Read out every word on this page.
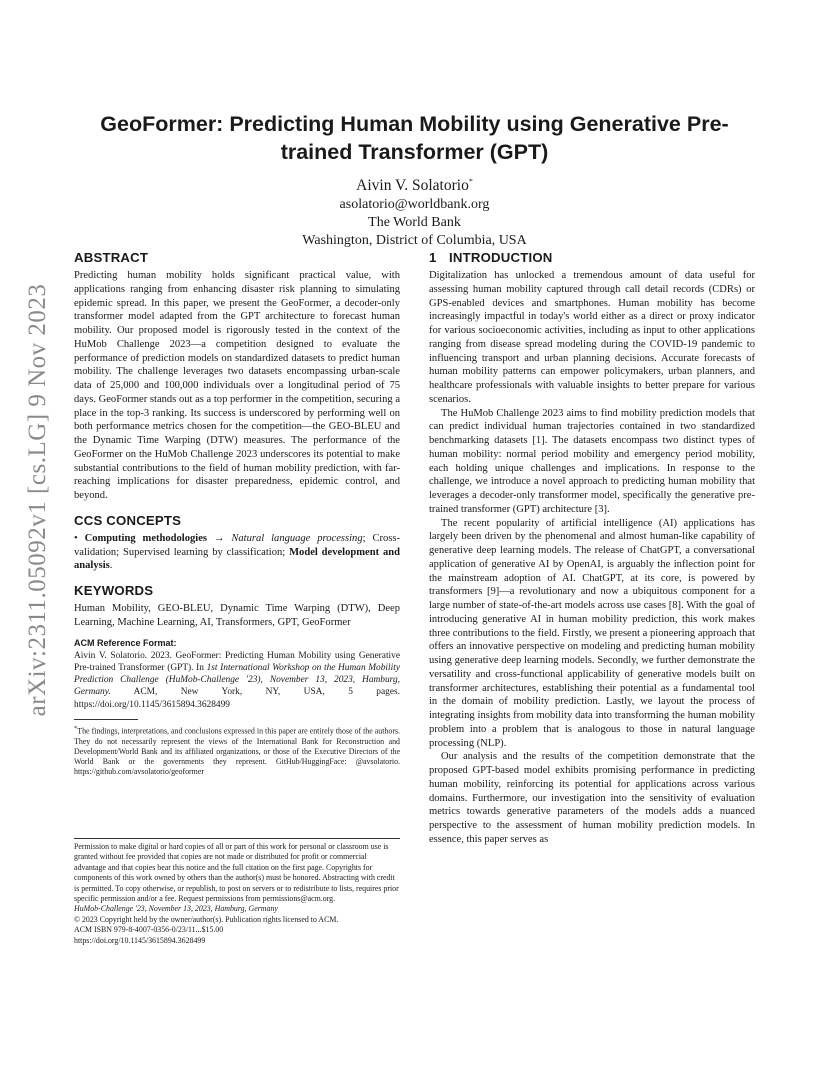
arXiv:2311.05092v1 [cs.LG] 9 Nov 2023
GeoFormer: Predicting Human Mobility using Generative Pre-trained Transformer (GPT)
Aivin V. Solatorio*
asolatorio@worldbank.org
The World Bank
Washington, District of Columbia, USA
ABSTRACT

Predicting human mobility holds significant practical value, with applications ranging from enhancing disaster risk planning to simulating epidemic spread. In this paper, we present the GeoFormer, a decoder-only transformer model adapted from the GPT architecture to forecast human mobility. Our proposed model is rigorously tested in the context of the HuMob Challenge 2023—a competition designed to evaluate the performance of prediction models on standardized datasets to predict human mobility. The challenge leverages two datasets encompassing urban-scale data of 25,000 and 100,000 individuals over a longitudinal period of 75 days. GeoFormer stands out as a top performer in the competition, securing a place in the top-3 ranking. Its success is underscored by performing well on both performance metrics chosen for the competition—the GEO-BLEU and the Dynamic Time Warping (DTW) measures. The performance of the GeoFormer on the HuMob Challenge 2023 underscores its potential to make substantial contributions to the field of human mobility prediction, with far-reaching implications for disaster preparedness, epidemic control, and beyond.

CCS CONCEPTS

• Computing methodologies → Natural language processing; Cross-validation; Supervised learning by classification; Model development and analysis.

KEYWORDS

Human Mobility, GEO-BLEU, Dynamic Time Warping (DTW), Deep Learning, Machine Learning, AI, Transformers, GPT, GeoFormer

ACM Reference Format:

Aivin V. Solatorio. 2023. GeoFormer: Predicting Human Mobility using Generative Pre-trained Transformer (GPT). In 1st International Workshop on the Human Mobility Prediction Challenge (HuMob-Challenge '23), November 13, 2023, Hamburg, Germany. ACM, New York, NY, USA, 5 pages. https://doi.org/10.1145/3615894.3628499

*The findings, interpretations, and conclusions expressed in this paper are entirely those of the authors. They do not necessarily represent the views of the International Bank for Reconstruction and Development/World Bank and its affiliated organizations, or those of the Executive Directors of the World Bank or the governments they represent. GitHub/HuggingFace: @avsolatorio. https://github.com/avsolatorio/geoformer

Permission to make digital or hard copies of all or part of this work for personal or classroom use is granted without fee provided that copies are not made or distributed for profit or commercial advantage and that copies bear this notice and the full citation on the first page. Copyrights for components of this work owned by others than the author(s) must be honored. Abstracting with credit is permitted. To copy otherwise, or republish, to post on servers or to redistribute to lists, requires prior specific permission and/or a fee. Request permissions from permissions@acm.org.

HuMob-Challenge '23, November 13, 2023, Hamburg, Germany

© 2023 Copyright held by the owner/author(s). Publication rights licensed to ACM.

ACM ISBN 979-8-4007-0356-0/23/11...$15.00

https://doi.org/10.1145/3615894.3628499

1 INTRODUCTION

Digitalization has unlocked a tremendous amount of data useful for assessing human mobility captured through call detail records (CDRs) or GPS-enabled devices and smartphones. Human mobility has become increasingly impactful in today's world either as a direct or proxy indicator for various socioeconomic activities, including as input to other applications ranging from disease spread modeling during the COVID-19 pandemic to influencing transport and urban planning decisions. Accurate forecasts of human mobility patterns can empower policymakers, urban planners, and healthcare professionals with valuable insights to better prepare for various scenarios.

The HuMob Challenge 2023 aims to find mobility prediction models that can predict individual human trajectories contained in two standardized benchmarking datasets [1]. The datasets encompass two distinct types of human mobility: normal period mobility and emergency period mobility, each holding unique challenges and implications. In response to the challenge, we introduce a novel approach to predicting human mobility that leverages a decoder-only transformer model, specifically the generative pre-trained transformer (GPT) architecture [3].

The recent popularity of artificial intelligence (AI) applications has largely been driven by the phenomenal and almost human-like capability of generative deep learning models. The release of ChatGPT, a conversational application of generative AI by OpenAI, is arguably the inflection point for the mainstream adoption of AI. ChatGPT, at its core, is powered by transformers [9]—a revolutionary and now a ubiquitous component for a large number of state-of-the-art models across use cases [8]. With the goal of introducing generative AI in human mobility prediction, this work makes three contributions to the field. Firstly, we present a pioneering approach that offers an innovative perspective on modeling and predicting human mobility using generative deep learning models. Secondly, we further demonstrate the versatility and cross-functional applicability of generative models built on transformer architectures, establishing their potential as a fundamental tool in the domain of mobility prediction. Lastly, we layout the process of integrating insights from mobility data into transforming the human mobility problem into a problem that is analogous to those in natural language processing (NLP).

Our analysis and the results of the competition demonstrate that the proposed GPT-based model exhibits promising performance in predicting human mobility, reinforcing its potential for applications across various domains. Furthermore, our investigation into the sensitivity of evaluation metrics towards generative parameters of the models adds a nuanced perspective to the assessment of human mobility prediction models. In essence, this paper serves as
